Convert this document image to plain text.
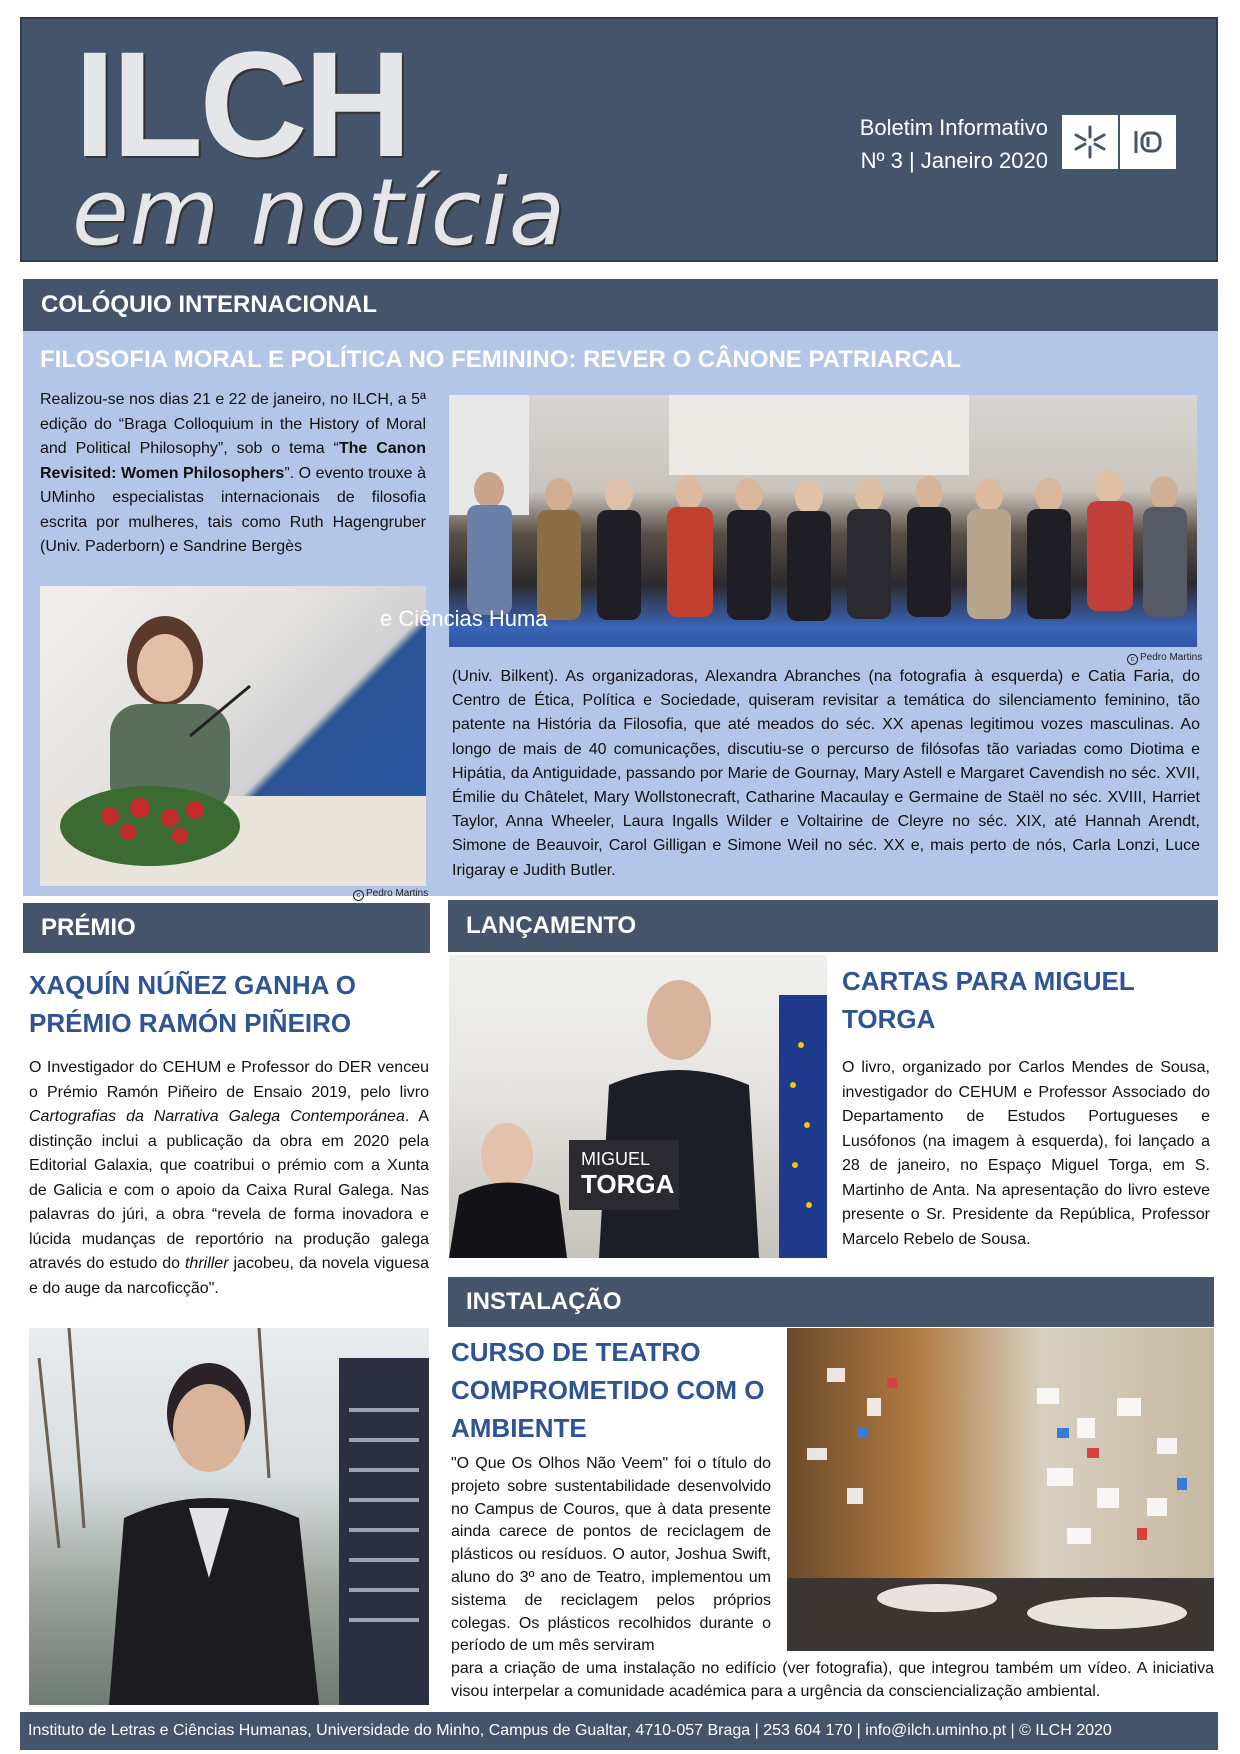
ILCH
em notícia
Boletim Informativo
Nº 3 | Janeiro 2020
COLÓQUIO INTERNACIONAL
FILOSOFIA MORAL E POLÍTICA NO FEMININO: REVER O CÂNONE PATRIARCAL
Realizou-se nos dias 21 e 22 de janeiro, no ILCH, a 5ª edição do “Braga Colloquium in the History of Moral and Political Philosophy”, sob o tema “The Canon Revisited: Women Philosophers”. O evento trouxe à UMinho especialistas internacionais de filosofia escrita por mulheres, tais como Ruth Hagengruber (Univ. Paderborn) e Sandrine Bergès
c Pedro Martins
e Ciências Huma
c Pedro Martins
(Univ. Bilkent). As organizadoras, Alexandra Abranches (na fotografia à esquerda) e Catia Faria, do Centro de Ética, Política e Sociedade, quiseram revisitar a temática do silenciamento feminino, tão patente na História da Filosofia, que até meados do séc. XX apenas legitimou vozes masculinas. Ao longo de mais de 40 comunicações, discutiu-se o percurso de filósofas tão variadas como Diotima e Hipátia, da Antiguidade, passando por Marie de Gournay, Mary Astell e Margaret Cavendish no séc. XVII, Émilie du Châtelet, Mary Wollstonecraft, Catharine Macaulay e Germaine de Staël no séc. XVIII, Harriet Taylor, Anna Wheeler, Laura Ingalls Wilder e Voltairine de Cleyre no séc. XIX, até Hannah Arendt, Simone de Beauvoir, Carol Gilligan e Simone Weil no séc. XX e, mais perto de nós, Carla Lonzi, Luce Irigaray e Judith Butler.
PRÉMIO
XAQUÍN NÚÑEZ GANHA O PRÉMIO RAMÓN PIÑEIRO
O Investigador do CEHUM e Professor do DER venceu o Prémio Ramón Piñeiro de Ensaio 2019, pelo livro Cartografias da Narrativa Galega Contemporánea. A distinção inclui a publicação da obra em 2020 pela Editorial Galaxia, que coatribui o prémio com a Xunta de Galicia e com o apoio da Caixa Rural Galega. Nas palavras do júri, a obra “revela de forma inovadora e lúcida mudanças de reportório na produção galega através do estudo do thriller jacobeu, da novela viguesa e do auge da narcoficção".
LANÇAMENTO
MIGUEL
TORGA
CARTAS PARA MIGUEL TORGA
O livro, organizado por Carlos Mendes de Sousa, investigador do CEHUM e Professor Associado do Departamento de Estudos Portugueses e Lusófonos (na imagem à esquerda), foi lançado a 28 de janeiro, no Espaço Miguel Torga, em S. Martinho de Anta. Na apresentação do livro esteve presente o Sr. Presidente da República, Professor Marcelo Rebelo de Sousa.
INSTALAÇÃO
CURSO DE TEATRO COMPROMETIDO COM O AMBIENTE
"O Que Os Olhos Não Veem" foi o título do projeto sobre sustentabilidade desenvolvido no Campus de Couros, que à data presente ainda carece de pontos de reciclagem de plásticos ou resíduos. O autor, Joshua Swift, aluno do 3º ano de Teatro, implementou um sistema de reciclagem pelos próprios colegas. Os plásticos recolhidos durante o período de um mês serviram
para a criação de uma instalação no edifício (ver fotografia), que integrou também um vídeo. A iniciativa visou interpelar a comunidade académica para a urgência da consciencialização ambiental.
Instituto de Letras e Ciências Humanas, Universidade do Minho, Campus de Gualtar, 4710-057 Braga | 253 604 170 | info@ilch.uminho.pt | © ILCH 2020
